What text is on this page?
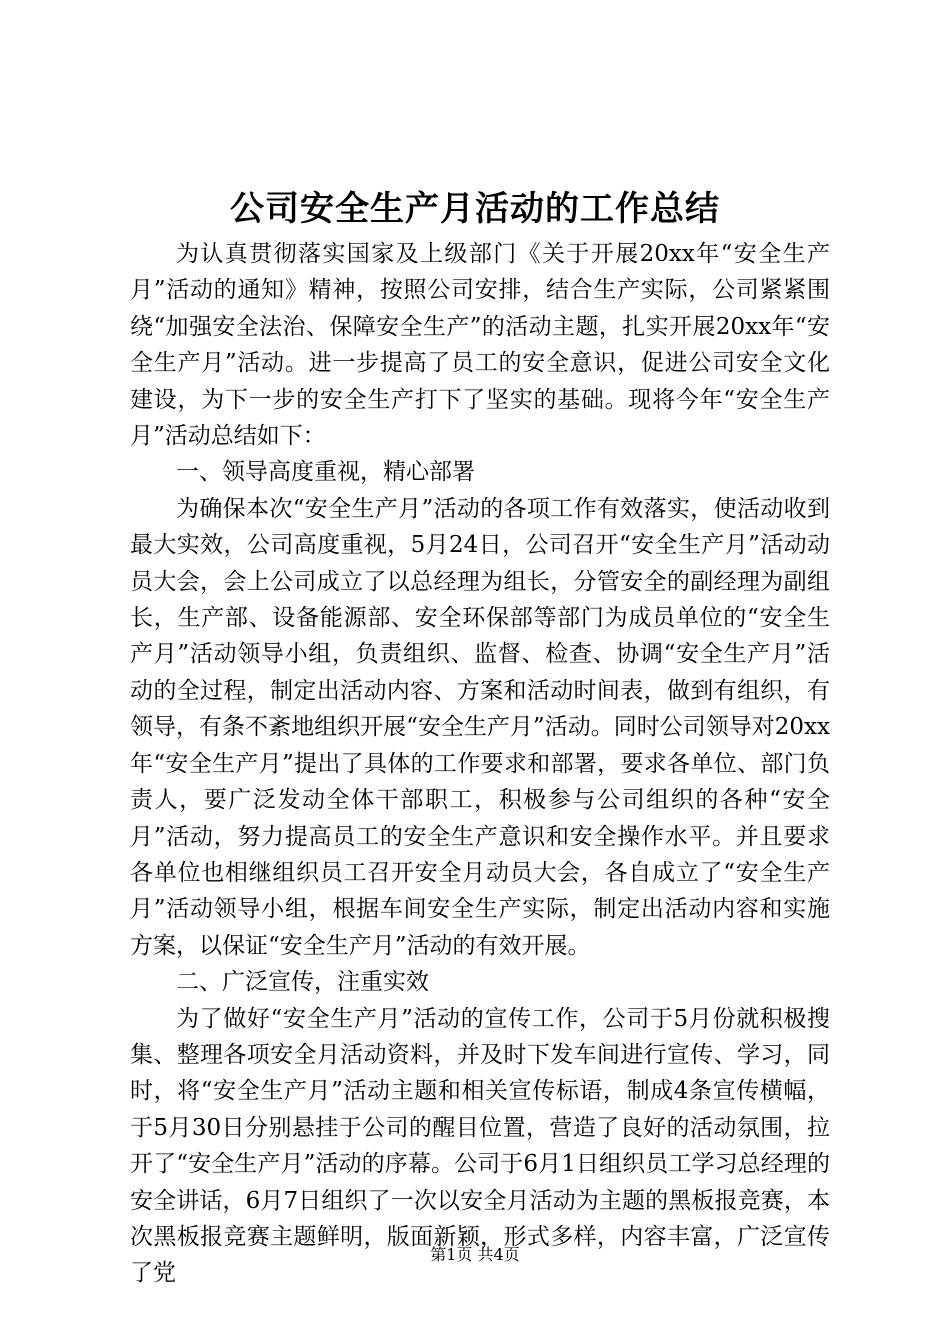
公司安全生产月活动的工作总结

为认真贯彻落实国家及上级部门《关于开展20xx年“安全生产月”活动的通知》精神，按照公司安排，结合生产实际，公司紧紧围绕“加强安全法治、保障安全生产”的活动主题，扎实开展20xx年“安全生产月”活动。进一步提高了员工的安全意识，促进公司安全文化建设，为下一步的安全生产打下了坚实的基础。现将今年“安全生产月”活动总结如下：

一、领导高度重视，精心部署

为确保本次“安全生产月”活动的各项工作有效落实，使活动收到最大实效，公司高度重视，5月24日，公司召开“安全生产月”活动动员大会，会上公司成立了以总经理为组长，分管安全的副经理为副组长，生产部、设备能源部、安全环保部等部门为成员单位的“安全生产月”活动领导小组，负责组织、监督、检查、协调“安全生产月”活动的全过程，制定出活动内容、方案和活动时间表，做到有组织，有领导，有条不紊地组织开展“安全生产月”活动。同时公司领导对20xx年“安全生产月”提出了具体的工作要求和部署，要求各单位、部门负责人，要广泛发动全体干部职工，积极参与公司组织的各种“安全月”活动，努力提高员工的安全生产意识和安全操作水平。并且要求各单位也相继组织员工召开安全月动员大会，各自成立了“安全生产月”活动领导小组，根据车间安全生产实际，制定出活动内容和实施方案，以保证“安全生产月”活动的有效开展。

二、广泛宣传，注重实效

为了做好“安全生产月”活动的宣传工作，公司于5月份就积极搜集、整理各项安全月活动资料，并及时下发车间进行宣传、学习，同时，将“安全生产月”活动主题和相关宣传标语，制成4条宣传横幅，于5月30日分别悬挂于公司的醒目位置，营造了良好的活动氛围，拉开了“安全生产月”活动的序幕。公司于6月1日组织员工学习总经理的安全讲话，6月7日组织了一次以安全月活动为主题的黑板报竞赛，本次黑板报竞赛主题鲜明，版面新颖，形式多样，内容丰富，广泛宣传了党

第1页 共4页
